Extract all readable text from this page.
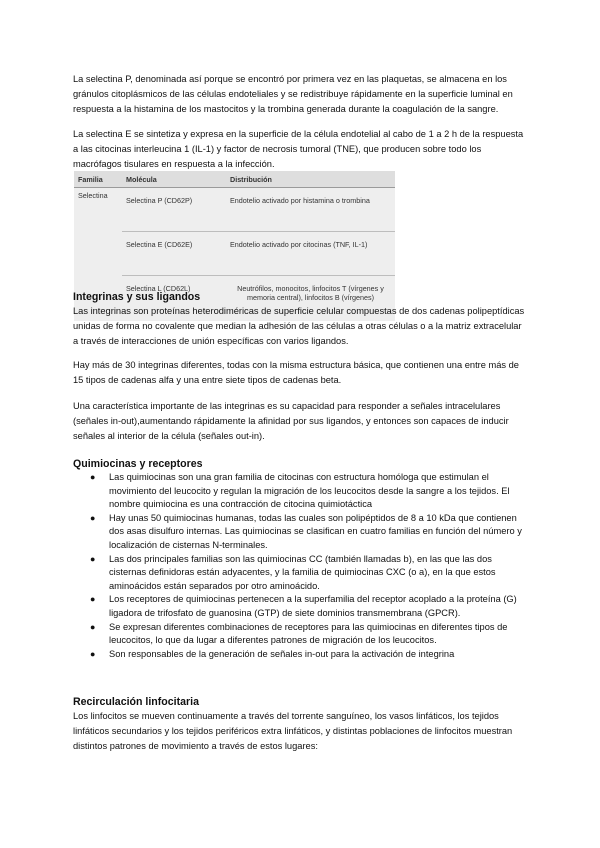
La selectina P, denominada así porque se encontró por primera vez en las plaquetas, se almacena en los gránulos citoplásmicos de las células endoteliales y se redistribuye rápidamente en la superficie luminal en respuesta a la histamina de los mastocitos y la trombina generada durante la coagulación de la sangre.

La selectina E se sintetiza y expresa en la superficie de la célula endotelial al cabo de 1 a 2 h de la respuesta a las citocinas interleucina 1 (IL-1) y factor de necrosis tumoral (TNE), que producen sobre todo los macrófagos tisulares en respuesta a la infección.

Familia	Molécula	Distribución
Selectina	Selectina P (CD62P)	Endotelio activado por histamina o trombina
	Selectina E (CD62E)	Endotelio activado por citocinas (TNF, IL-1)
	Selectina L (CD62L)	Neutrófilos, monocitos, linfocitos T (vírgenes y memoria central), linfocitos B (vírgenes)
Integrinas y sus ligandos

Las integrinas son proteínas heterodiméricas de superficie celular compuestas de dos cadenas polipeptídicas unidas de forma no covalente que median la adhesión de las células a otras células o a la matriz extracelular a través de interacciones de unión específicas con varios ligandos.

Hay más de 30 integrinas diferentes, todas con la misma estructura básica, que contienen una entre más de 15 tipos de cadenas alfa y una entre siete tipos de cadenas beta.

Una característica importante de las integrinas es su capacidad para responder a señales intracelulares (señales in-out),aumentando rápidamente la afinidad por sus ligandos, y entonces son capaces de inducir señales al interior de la célula (señales out-in).

Quimiocinas y receptores
● Las quimiocinas son una gran familia de citocinas con estructura homóloga que estimulan el movimiento del leucocito y regulan la migración de los leucocitos desde la sangre a los tejidos. El nombre quimiocina es una contracción de citocina quimiotáctica
● Hay unas 50 quimiocinas humanas, todas las cuales son polipéptidos de 8 a 10 kDa que contienen dos asas disulfuro internas. Las quimiocinas se clasifican en cuatro familias en función del número y localización de cisternas N-terminales.
● Las dos principales familias son las quimiocinas CC (también llamadas b), en las que las dos cisternas definidoras están adyacentes, y la familia de quimiocinas CXC (o a), en la que estos aminoácidos están separados por otro aminoácido.
● Los receptores de quimiocinas pertenecen a la superfamilia del receptor acoplado a la proteína (G) ligadora de trifosfato de guanosina (GTP) de siete dominios transmembrana (GPCR).
● Se expresan diferentes combinaciones de receptores para las quimiocinas en diferentes tipos de leucocitos, lo que da lugar a diferentes patrones de migración de los leucocitos.
● Son responsables de la generación de señales in-out para la activación de integrina
Recirculación linfocitaria

Los linfocitos se mueven continuamente a través del torrente sanguíneo, los vasos linfáticos, los tejidos linfáticos secundarios y los tejidos periféricos extra linfáticos, y distintas poblaciones de linfocitos muestran distintos patrones de movimiento a través de estos lugares:
